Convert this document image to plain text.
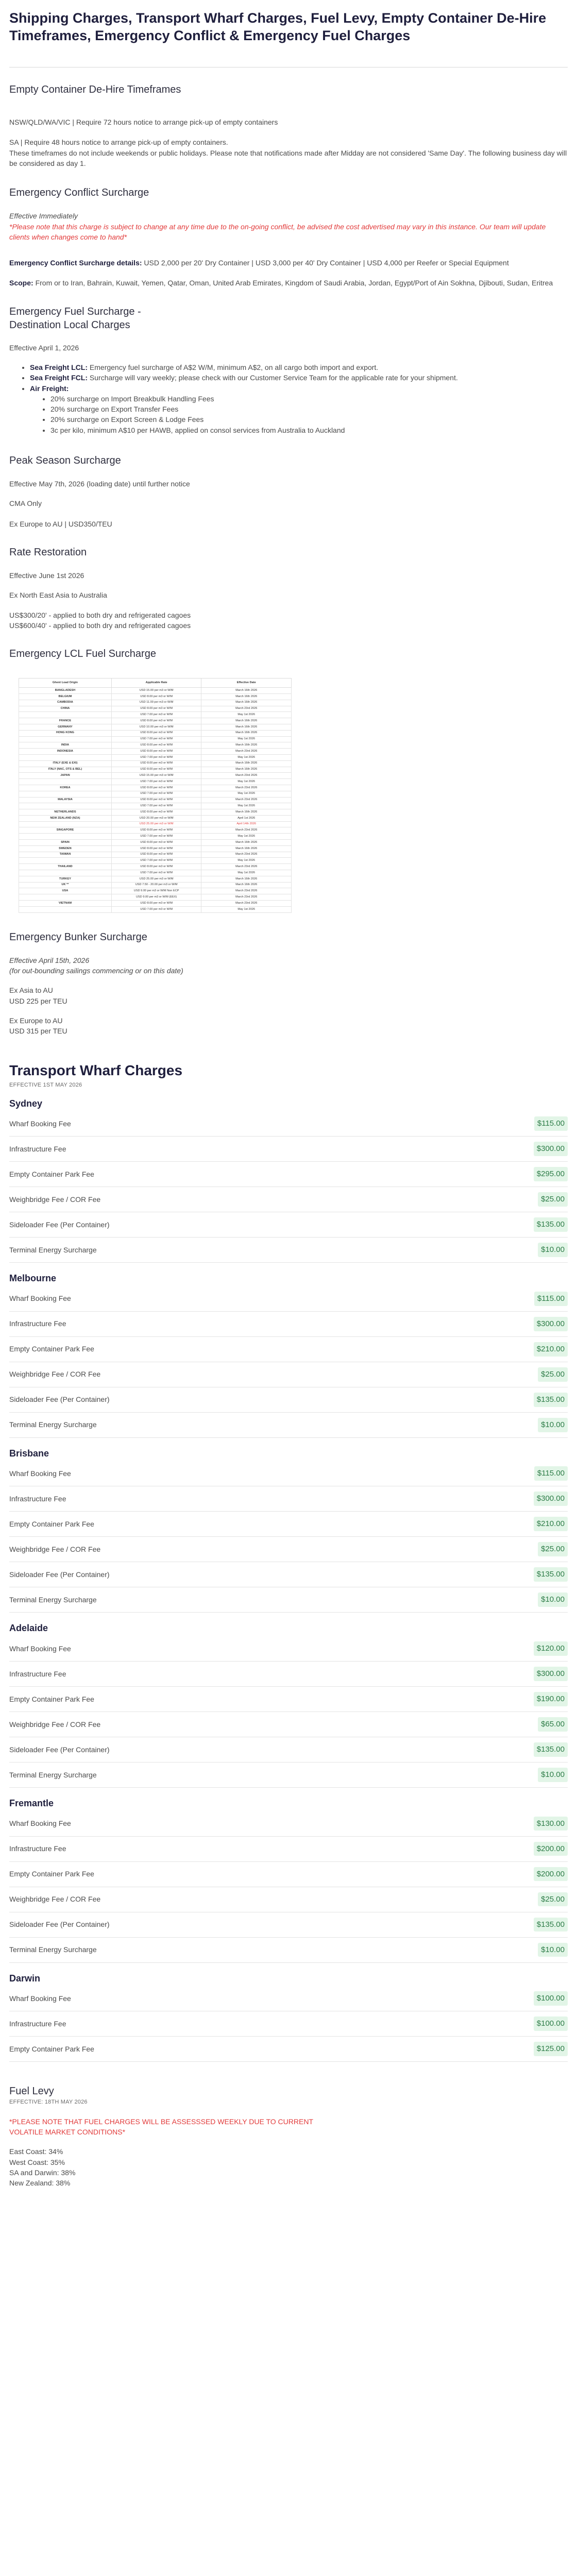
Shipping Charges, Transport Wharf Charges, Fuel Levy, Empty Container De-Hire Timeframes, Emergency Conflict & Emergency Fuel Charges
Empty Container De-Hire Timeframes
NSW/QLD/WA/VIC | Require 72 hours notice to arrange pick-up of empty containers
SA | Require 48 hours notice to arrange pick-up of empty containers.
These timeframes do not include weekends or public holidays. Please note that notifications made after Midday are not considered 'Same Day'. The following business day will be considered as day 1.
Emergency Conflict Surcharge
Effective Immediately
*Please note that this charge is subject to change at any time due to the on-going conflict, be advised the cost advertised may vary in this instance. Our team will update clients when changes come to hand*
Emergency Conflict Surcharge details: USD 2,000 per 20' Dry Container | USD 3,000 per 40' Dry Container | USD 4,000 per Reefer or Special Equipment
Scope: From or to Iran, Bahrain, Kuwait, Yemen, Qatar, Oman, United Arab Emirates, Kingdom of Saudi Arabia, Jordan, Egypt/Port of Ain Sokhna, Djibouti, Sudan, Eritrea
Emergency Fuel Surcharge - Destination Local Charges
Effective April 1, 2026
• Sea Freight LCL: Emergency fuel surcharge of A$2 W/M, minimum A$2, on all cargo both import and export.
• Sea Freight FCL: Surcharge will vary weekly; please check with our Customer Service Team for the applicable rate for your shipment.
• Air Freight:
• 20% surcharge on Import Breakbulk Handling Fees
• 20% surcharge on Export Transfer Fees
• 20% surcharge on Export Screen & Lodge Fees
• 3c per kilo, minimum A$10 per HAWB, applied on consol services from Australia to Auckland
Peak Season Surcharge
Effective May 7th, 2026 (loading date) until further notice
CMA Only
Ex Europe to AU | USD350/TEU
Rate Restoration
Effective June 1st 2026
Ex North East Asia to Australia
US$300/20' - applied to both dry and refrigerated cagoes
US$600/40' - applied to both dry and refrigerated cagoes
Emergency LCL Fuel Surcharge
Ghent Load Origin	Applicable Rate	Effective Date
BANGLADESH	USD 15.00 per m3 or W/M	March 16th 2026
BELGIUM	USD 8.00 per m3 or W/M	March 16th 2026
CAMBODIA	USD 11.00 per m3 or W/M	March 16th 2026
CHINA	USD 8.00 per m3 or W/M	March 23rd 2026
	USD 7.00 per m3 or W/M	May 1st 2026
FRANCE	USD 8.00 per m3 or W/M	March 16th 2026
GERMANY	USD 10.00 per m3 or W/M	March 16th 2026
HONG KONG	USD 8.00 per m3 or W/M	March 16th 2026
	USD 7.00 per m3 or W/M	May 1st 2026
INDIA	USD 8.00 per m3 or W/M	March 16th 2026
INDONESIA	USD 8.00 per m3 or W/M	March 23rd 2026
	USD 7.00 per m3 or W/M	May 1st 2026
ITALY (EXE & EXI)	USD 8.00 per m3 or W/M	March 16th 2026
ITALY (NAC, OTS & BEL)	USD 8.00 per m3 or W/M	March 16th 2026
JAPAN	USD 15.00 per m3 or W/M	March 23rd 2026
	USD 7.00 per m3 or W/M	May 1st 2026
KOREA	USD 8.00 per m3 or W/M	March 23rd 2026
	USD 7.00 per m3 or W/M	May 1st 2026
MALAYSIA	USD 8.00 per m3 or W/M	March 23rd 2026
	USD 7.00 per m3 or W/M	May 1st 2026
NETHERLANDS	USD 8.00 per m3 or W/M	March 16th 2026
NEW ZEALAND (NZA)	USD 20.00 per m3 or W/M	April 1st 2026
	USD 25.00 per m3 or W/M	April 14th 2026
SINGAPORE	USD 8.00 per m3 or W/M	March 23rd 2026
	USD 7.00 per m3 or W/M	May 1st 2026
SPAIN	USD 8.00 per m3 or W/M	March 16th 2026
SWEDEN	USD 8.00 per m3 or W/M	March 16th 2026
TAIWAN	USD 8.00 per m3 or W/M	March 23rd 2026
	USD 7.00 per m3 or W/M	May 1st 2026
THAILAND	USD 8.00 per m3 or W/M	March 23rd 2026
	USD 7.00 per m3 or W/M	May 1st 2026
TURKEY	USD 25.00 per m3 or W/M	March 16th 2026
UK **	USD 7.50 - 20.00 per m3 or W/M	March 16th 2026
USA	USD 9.00 per m3 or W/M Non ECP	March 23rd 2026
	USD 9.00 per m3 or W/M (EEX)	March 23rd 2026
VIETNAM	USD 8.00 per m3 or W/M	March 23rd 2026
	USD 7.00 per m3 or W/M	May 1st 2026
Emergency Bunker Surcharge
Effective April 15th, 2026
(for out-bounding sailings commencing or on this date)
Ex Asia to AU
USD 225 per TEU
Ex Europe to AU
USD 315 per TEU
Transport Wharf Charges
EFFECTIVE 1ST MAY 2026
Sydney
Wharf Booking Fee	$115.00
Infrastructure Fee	$300.00
Empty Container Park Fee	$295.00
Weighbridge Fee / COR Fee	$25.00
Sideloader Fee (Per Container)	$135.00
Terminal Energy Surcharge	$10.00
Melbourne
Wharf Booking Fee	$115.00
Infrastructure Fee	$300.00
Empty Container Park Fee	$210.00
Weighbridge Fee / COR Fee	$25.00
Sideloader Fee (Per Container)	$135.00
Terminal Energy Surcharge	$10.00
Brisbane
Wharf Booking Fee	$115.00
Infrastructure Fee	$300.00
Empty Container Park Fee	$210.00
Weighbridge Fee / COR Fee	$25.00
Sideloader Fee (Per Container)	$135.00
Terminal Energy Surcharge	$10.00
Adelaide
Wharf Booking Fee	$120.00
Infrastructure Fee	$300.00
Empty Container Park Fee	$190.00
Weighbridge Fee / COR Fee	$65.00
Sideloader Fee (Per Container)	$135.00
Terminal Energy Surcharge	$10.00
Fremantle
Wharf Booking Fee	$130.00
Infrastructure Fee	$200.00
Empty Container Park Fee	$200.00
Weighbridge Fee / COR Fee	$25.00
Sideloader Fee (Per Container)	$135.00
Terminal Energy Surcharge	$10.00
Darwin
Wharf Booking Fee	$100.00
Infrastructure Fee	$100.00
Empty Container Park Fee	$125.00
Fuel Levy
EFFECTIVE: 18TH MAY 2026
*PLEASE NOTE THAT FUEL CHARGES WILL BE ASSESSSED WEEKLY DUE TO CURRENT VOLATILE MARKET CONDITIONS*
East Coast: 34%
West Coast: 35%
SA and Darwin: 38%
New Zealand: 38%
